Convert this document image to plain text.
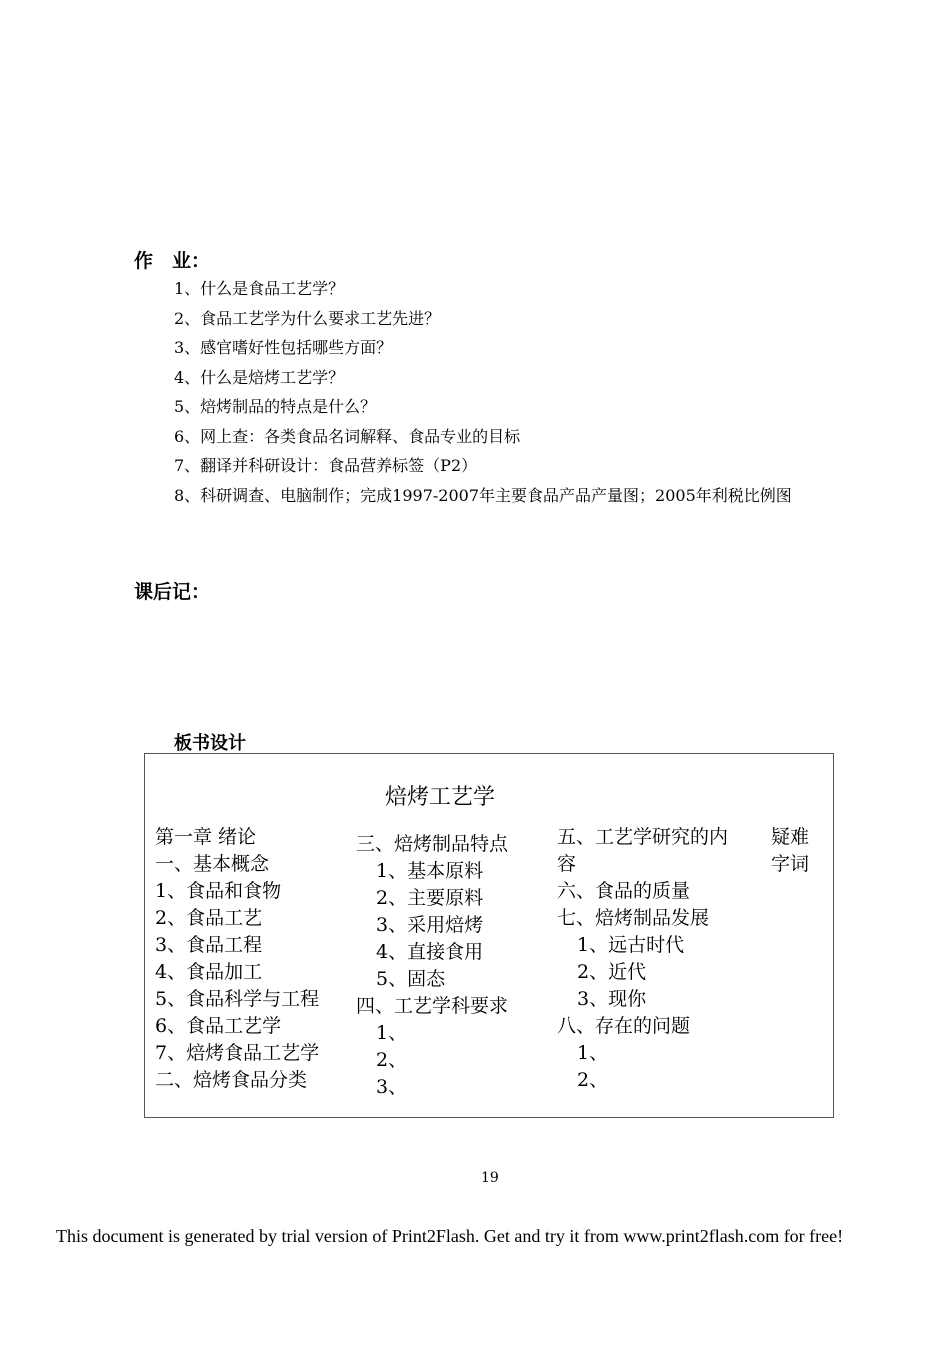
作　业：
1、什么是食品工艺学？
2、食品工艺学为什么要求工艺先进？
3、感官嗜好性包括哪些方面？
4、什么是焙烤工艺学？
5、焙烤制品的特点是什么？
6、网上查：各类食品名词解释、食品专业的目标
7、翻译并科研设计：食品营养标签（P2）
8、科研调查、电脑制作；完成1997-2007年主要食品产品产量图；2005年利税比例图
课后记：
板书设计
焙烤工艺学
第一章 绪论
一、基本概念
1、食品和食物
2、食品工艺
3、食品工程
4、食品加工
5、食品科学与工程
6、食品工艺学
7、焙烤食品工艺学
二、焙烤食品分类
三、焙烤制品特点
1、基本原料
2、主要原料
3、采用焙烤
4、直接食用
5、固态
四、工艺学科要求
1、
2、
3、
五、工艺学研究的内
容
六、食品的质量
七、焙烤制品发展
1、远古时代
2、近代
3、现你
八、存在的问题
1、
2、
疑难
字词
19
This document is generated by trial version of Print2Flash. Get and try it from www.print2flash.com for free!
